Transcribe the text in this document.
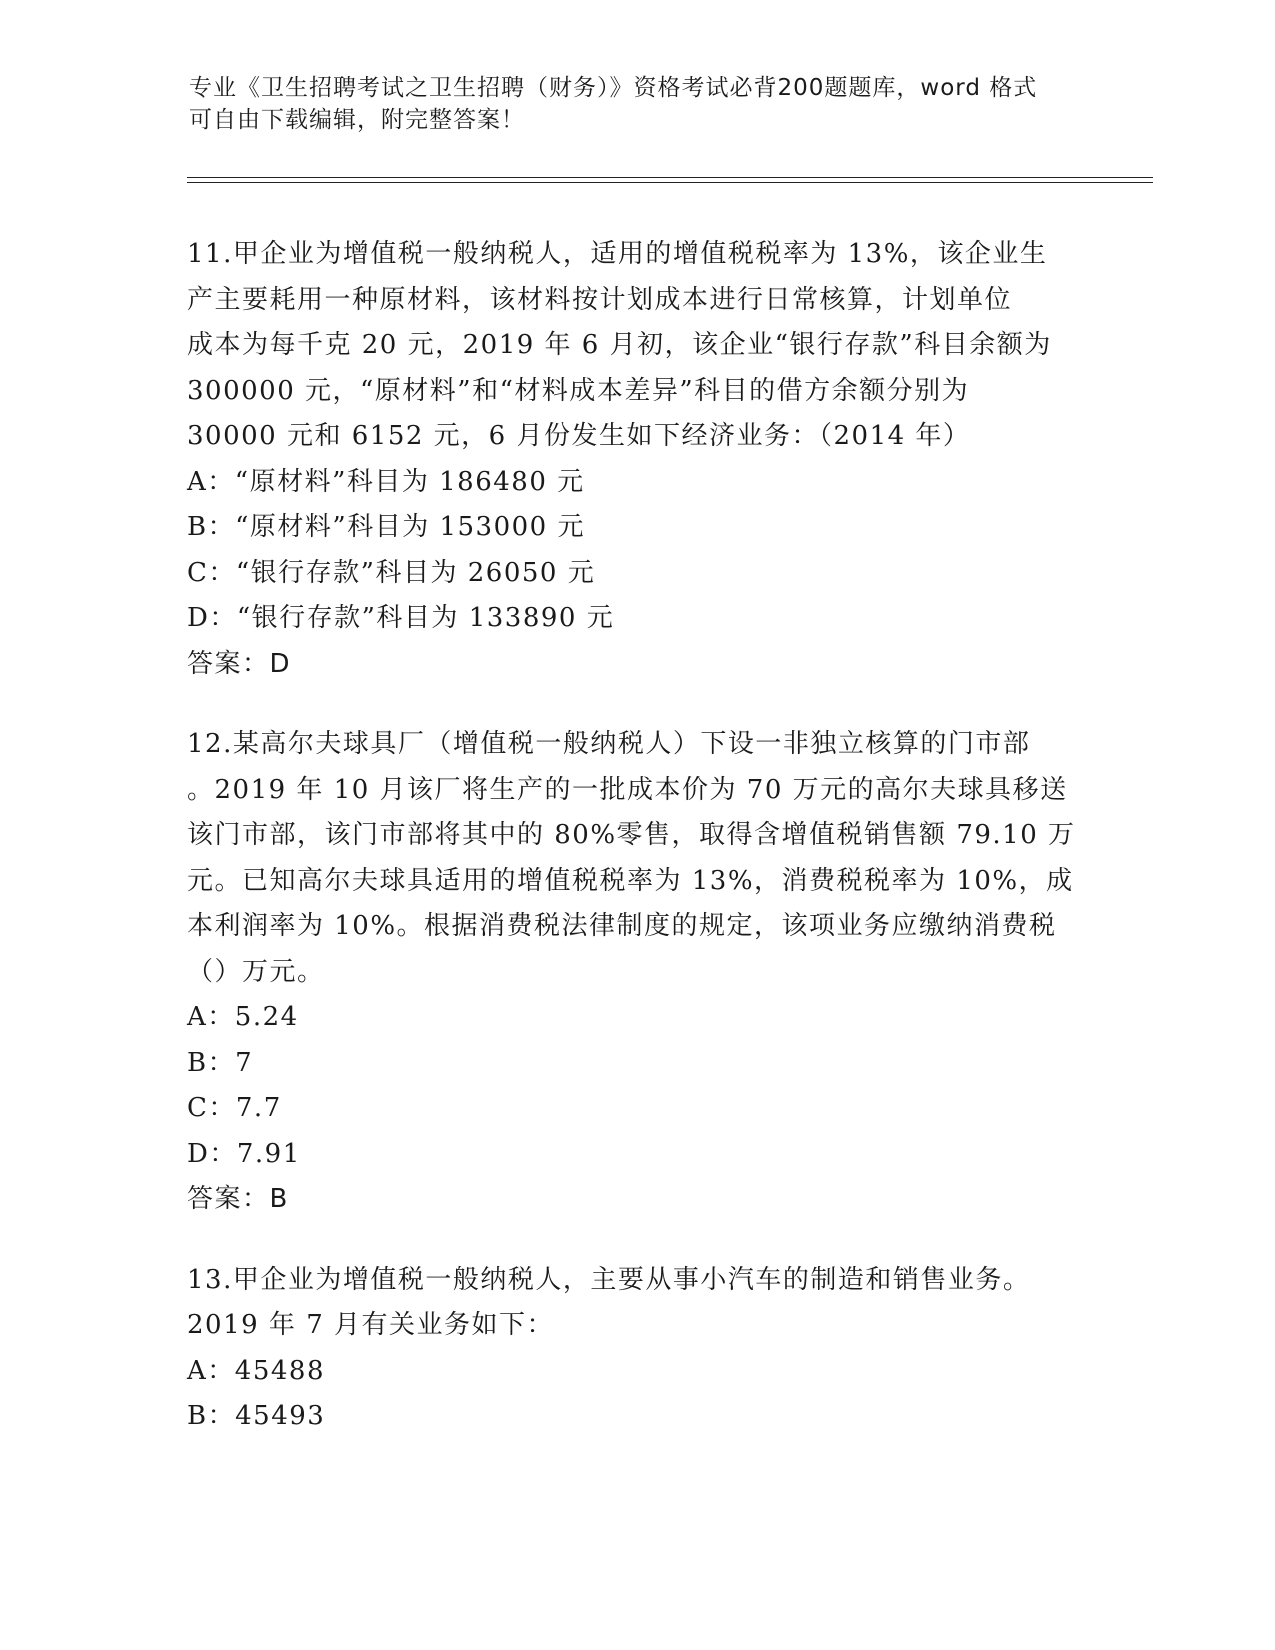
专业《卫生招聘考试之卫生招聘（财务）》资格考试必背200题题库，word 格式
可自由下载编辑，附完整答案！
11.甲企业为增值税一般纳税人，适用的增值税税率为 13%，该企业生
产主要耗用一种原材料，该材料按计划成本进行日常核算，计划单位
成本为每千克 20 元，2019 年 6 月初，该企业“银行存款”科目余额为
300000 元，“原材料”和“材料成本差异”科目的借方余额分别为
30000 元和 6152 元，6 月份发生如下经济业务：（2014 年）
A：“原材料”科目为 186480 元
B：“原材料”科目为 153000 元
C：“银行存款”科目为 26050 元
D：“银行存款”科目为 133890 元
答案：D
12.某高尔夫球具厂（增值税一般纳税人）下设一非独立核算的门市部
。2019 年 10 月该厂将生产的一批成本价为 70 万元的高尔夫球具移送
该门市部，该门市部将其中的 80%零售，取得含增值税销售额 79.10 万
元。已知高尔夫球具适用的增值税税率为 13%，消费税税率为 10%，成
本利润率为 10%。根据消费税法律制度的规定，该项业务应缴纳消费税
（）万元。
A：5.24
B：7
C：7.7
D：7.91
答案：B
13.甲企业为增值税一般纳税人，主要从事小汽车的制造和销售业务。
2019 年 7 月有关业务如下：
A：45488
B：45493
